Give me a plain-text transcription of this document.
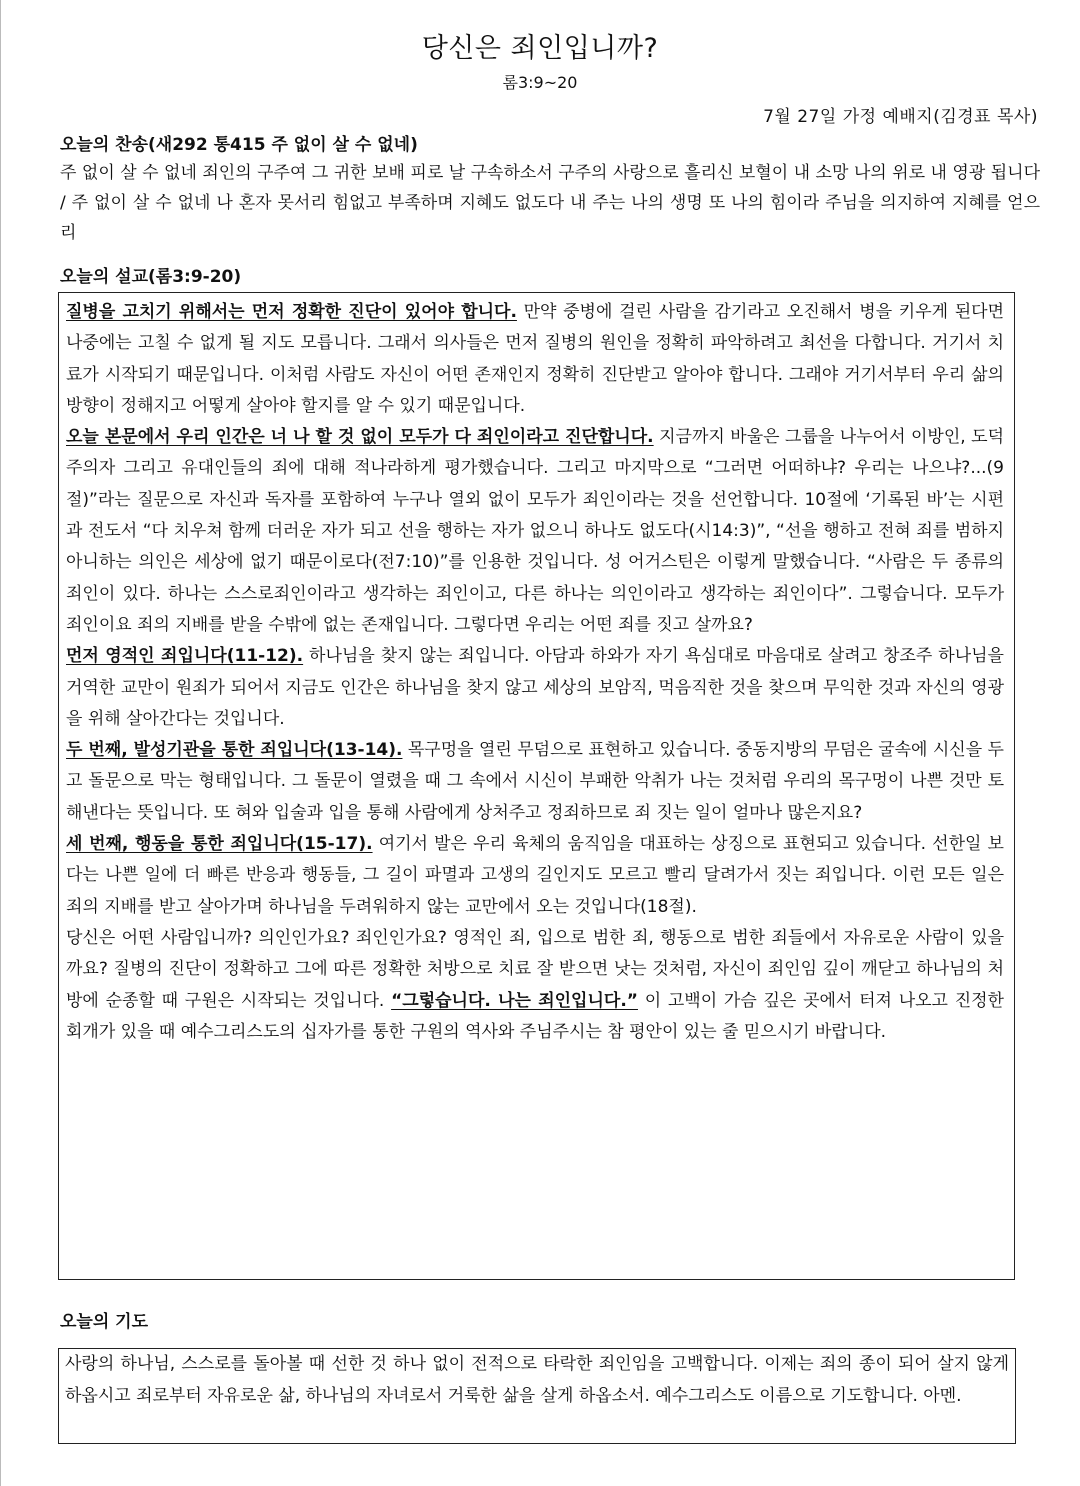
당신은 죄인입니까?
롬3:9~20
7월 27일 가정 예배지(김경표 목사)
오늘의 찬송(새292 통415 주 없이 살 수 없네)

주 없이 살 수 없네 죄인의 구주여 그 귀한 보배 피로 날 구속하소서 구주의 사랑으로 흘리신 보혈이 내 소망 나의 위로 내 영광 됩니다 / 주 없이 살 수 없네 나 혼자 못서리 힘없고 부족하며 지혜도 없도다 내 주는 나의 생명 또 나의 힘이라 주님을 의지하여 지혜를 얻으리

오늘의 설교(롬3:9-20)

질병을 고치기 위해서는 먼저 정확한 진단이 있어야 합니다. 만약 중병에 걸린 사람을 감기라고 오진해서 병을 키우게 된다면 나중에는 고칠 수 없게 될 지도 모릅니다. 그래서 의사들은 먼저 질병의 원인을 정확히 파악하려고 최선을 다합니다. 거기서 치료가 시작되기 때문입니다. 이처럼 사람도 자신이 어떤 존재인지 정확히 진단받고 알아야 합니다. 그래야 거기서부터 우리 삶의 방향이 정해지고 어떻게 살아야 할지를 알 수 있기 때문입니다.

오늘 본문에서 우리 인간은 너 나 할 것 없이 모두가 다 죄인이라고 진단합니다. 지금까지 바울은 그룹을 나누어서 이방인, 도덕주의자 그리고 유대인들의 죄에 대해 적나라하게 평가했습니다. 그리고 마지막으로 “그러면 어떠하냐? 우리는 나으냐?...(9절)”라는 질문으로 자신과 독자를 포함하여 누구나 열외 없이 모두가 죄인이라는 것을 선언합니다. 10절에 ‘기록된 바’는 시편과 전도서 “다 치우쳐 함께 더러운 자가 되고 선을 행하는 자가 없으니 하나도 없도다(시14:3)”, “선을 행하고 전혀 죄를 범하지 아니하는 의인은 세상에 없기 때문이로다(전7:10)”를 인용한 것입니다. 성 어거스틴은 이렇게 말했습니다. “사람은 두 종류의 죄인이 있다. 하나는 스스로죄인이라고 생각하는 죄인이고, 다른 하나는 의인이라고 생각하는 죄인이다”. 그렇습니다. 모두가 죄인이요 죄의 지배를 받을 수밖에 없는 존재입니다. 그렇다면 우리는 어떤 죄를 짓고 살까요?

먼저 영적인 죄입니다(11-12). 하나님을 찾지 않는 죄입니다. 아담과 하와가 자기 욕심대로 마음대로 살려고 창조주 하나님을 거역한 교만이 원죄가 되어서 지금도 인간은 하나님을 찾지 않고 세상의 보암직, 먹음직한 것을 찾으며 무익한 것과 자신의 영광을 위해 살아간다는 것입니다.

두 번째, 발성기관을 통한 죄입니다(13-14). 목구멍을 열린 무덤으로 표현하고 있습니다. 중동지방의 무덤은 굴속에 시신을 두고 돌문으로 막는 형태입니다. 그 돌문이 열렸을 때 그 속에서 시신이 부패한 악취가 나는 것처럼 우리의 목구멍이 나쁜 것만 토해낸다는 뜻입니다. 또 혀와 입술과 입을 통해 사람에게 상처주고 정죄하므로 죄 짓는 일이 얼마나 많은지요?

세 번째, 행동을 통한 죄입니다(15-17). 여기서 발은 우리 육체의 움직임을 대표하는 상징으로 표현되고 있습니다. 선한일 보다는 나쁜 일에 더 빠른 반응과 행동들, 그 길이 파멸과 고생의 길인지도 모르고 빨리 달려가서 짓는 죄입니다. 이런 모든 일은 죄의 지배를 받고 살아가며 하나님을 두려워하지 않는 교만에서 오는 것입니다(18절).

당신은 어떤 사람입니까? 의인인가요? 죄인인가요? 영적인 죄, 입으로 범한 죄, 행동으로 범한 죄들에서 자유로운 사람이 있을까요? 질병의 진단이 정확하고 그에 따른 정확한 처방으로 치료 잘 받으면 낫는 것처럼, 자신이 죄인임 깊이 깨닫고 하나님의 처방에 순종할 때 구원은 시작되는 것입니다. “그렇습니다. 나는 죄인입니다.” 이 고백이 가슴 깊은 곳에서 터져 나오고 진정한 회개가 있을 때 예수그리스도의 십자가를 통한 구원의 역사와 주님주시는 참 평안이 있는 줄 믿으시기 바랍니다.

오늘의 기도

사랑의 하나님, 스스로를 돌아볼 때 선한 것 하나 없이 전적으로 타락한 죄인임을 고백합니다. 이제는 죄의 종이 되어 살지 않게 하옵시고 죄로부터 자유로운 삶, 하나님의 자녀로서 거룩한 삶을 살게 하옵소서. 예수그리스도 이름으로 기도합니다. 아멘.
